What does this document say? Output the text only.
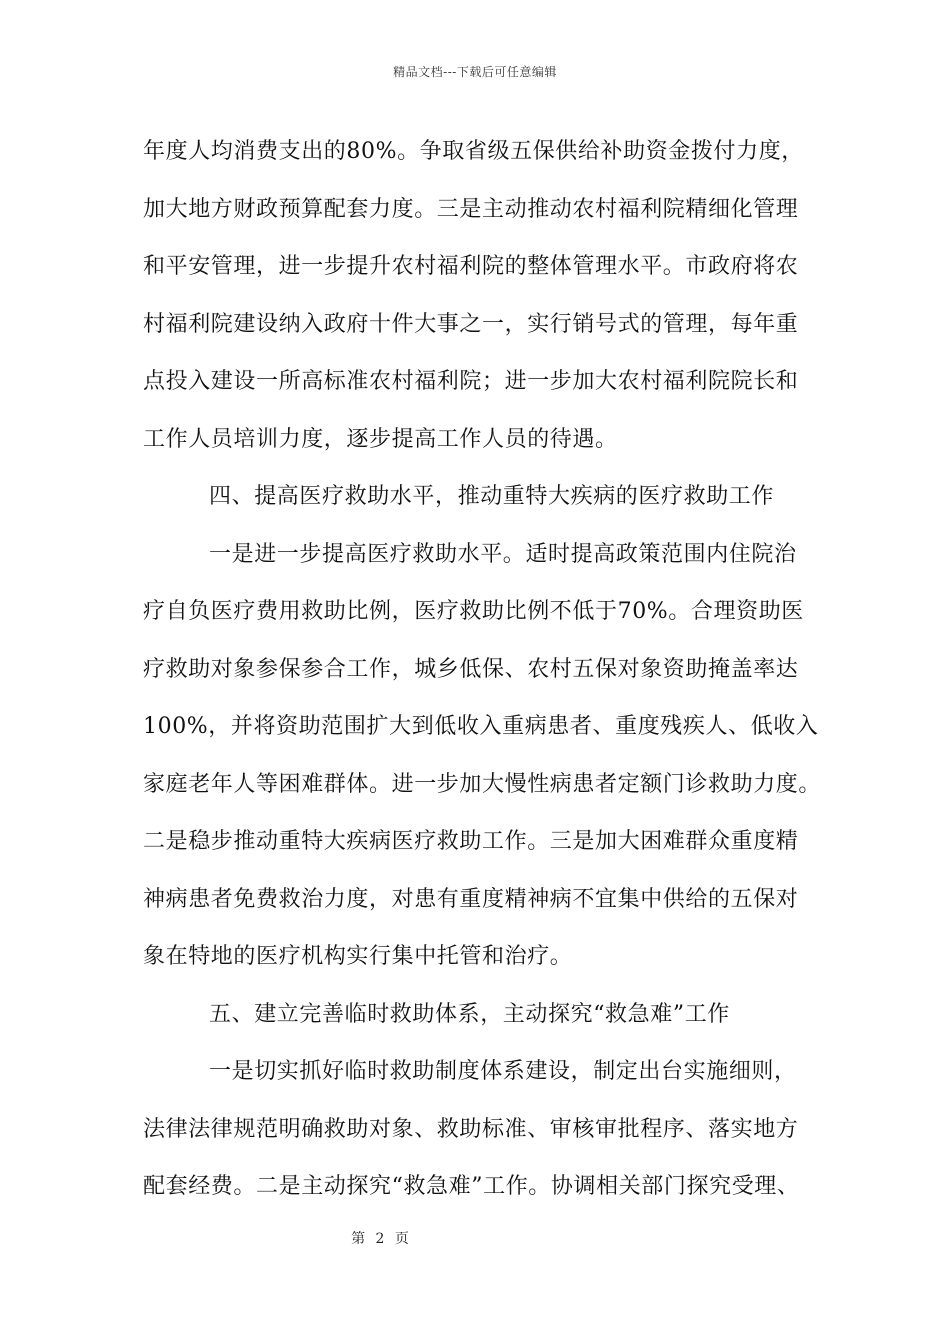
精品文档---下载后可任意编辑
年度人均消费支出的80%。争取省级五保供给补助资金拨付力度，
加大地方财政预算配套力度。三是主动推动农村福利院精细化管理
和平安管理，进一步提升农村福利院的整体管理水平。市政府将农
村福利院建设纳入政府十件大事之一，实行销号式的管理，每年重
点投入建设一所高标准农村福利院；进一步加大农村福利院院长和
工作人员培训力度，逐步提高工作人员的待遇。
四、提高医疗救助水平，推动重特大疾病的医疗救助工作
一是进一步提高医疗救助水平。适时提高政策范围内住院治
疗自负医疗费用救助比例，医疗救助比例不低于70%。合理资助医
疗救助对象参保参合工作，城乡低保、农村五保对象资助掩盖率达
100%，并将资助范围扩大到低收入重病患者、重度残疾人、低收入
家庭老年人等困难群体。进一步加大慢性病患者定额门诊救助力度。
二是稳步推动重特大疾病医疗救助工作。三是加大困难群众重度精
神病患者免费救治力度，对患有重度精神病不宜集中供给的五保对
象在特地的医疗机构实行集中托管和治疗。
五、建立完善临时救助体系，主动探究“救急难”工作
一是切实抓好临时救助制度体系建设，制定出台实施细则，
法律法律规范明确救助对象、救助标准、审核审批程序、落实地方
配套经费。二是主动探究“救急难”工作。协调相关部门探究受理、
第 2 页
